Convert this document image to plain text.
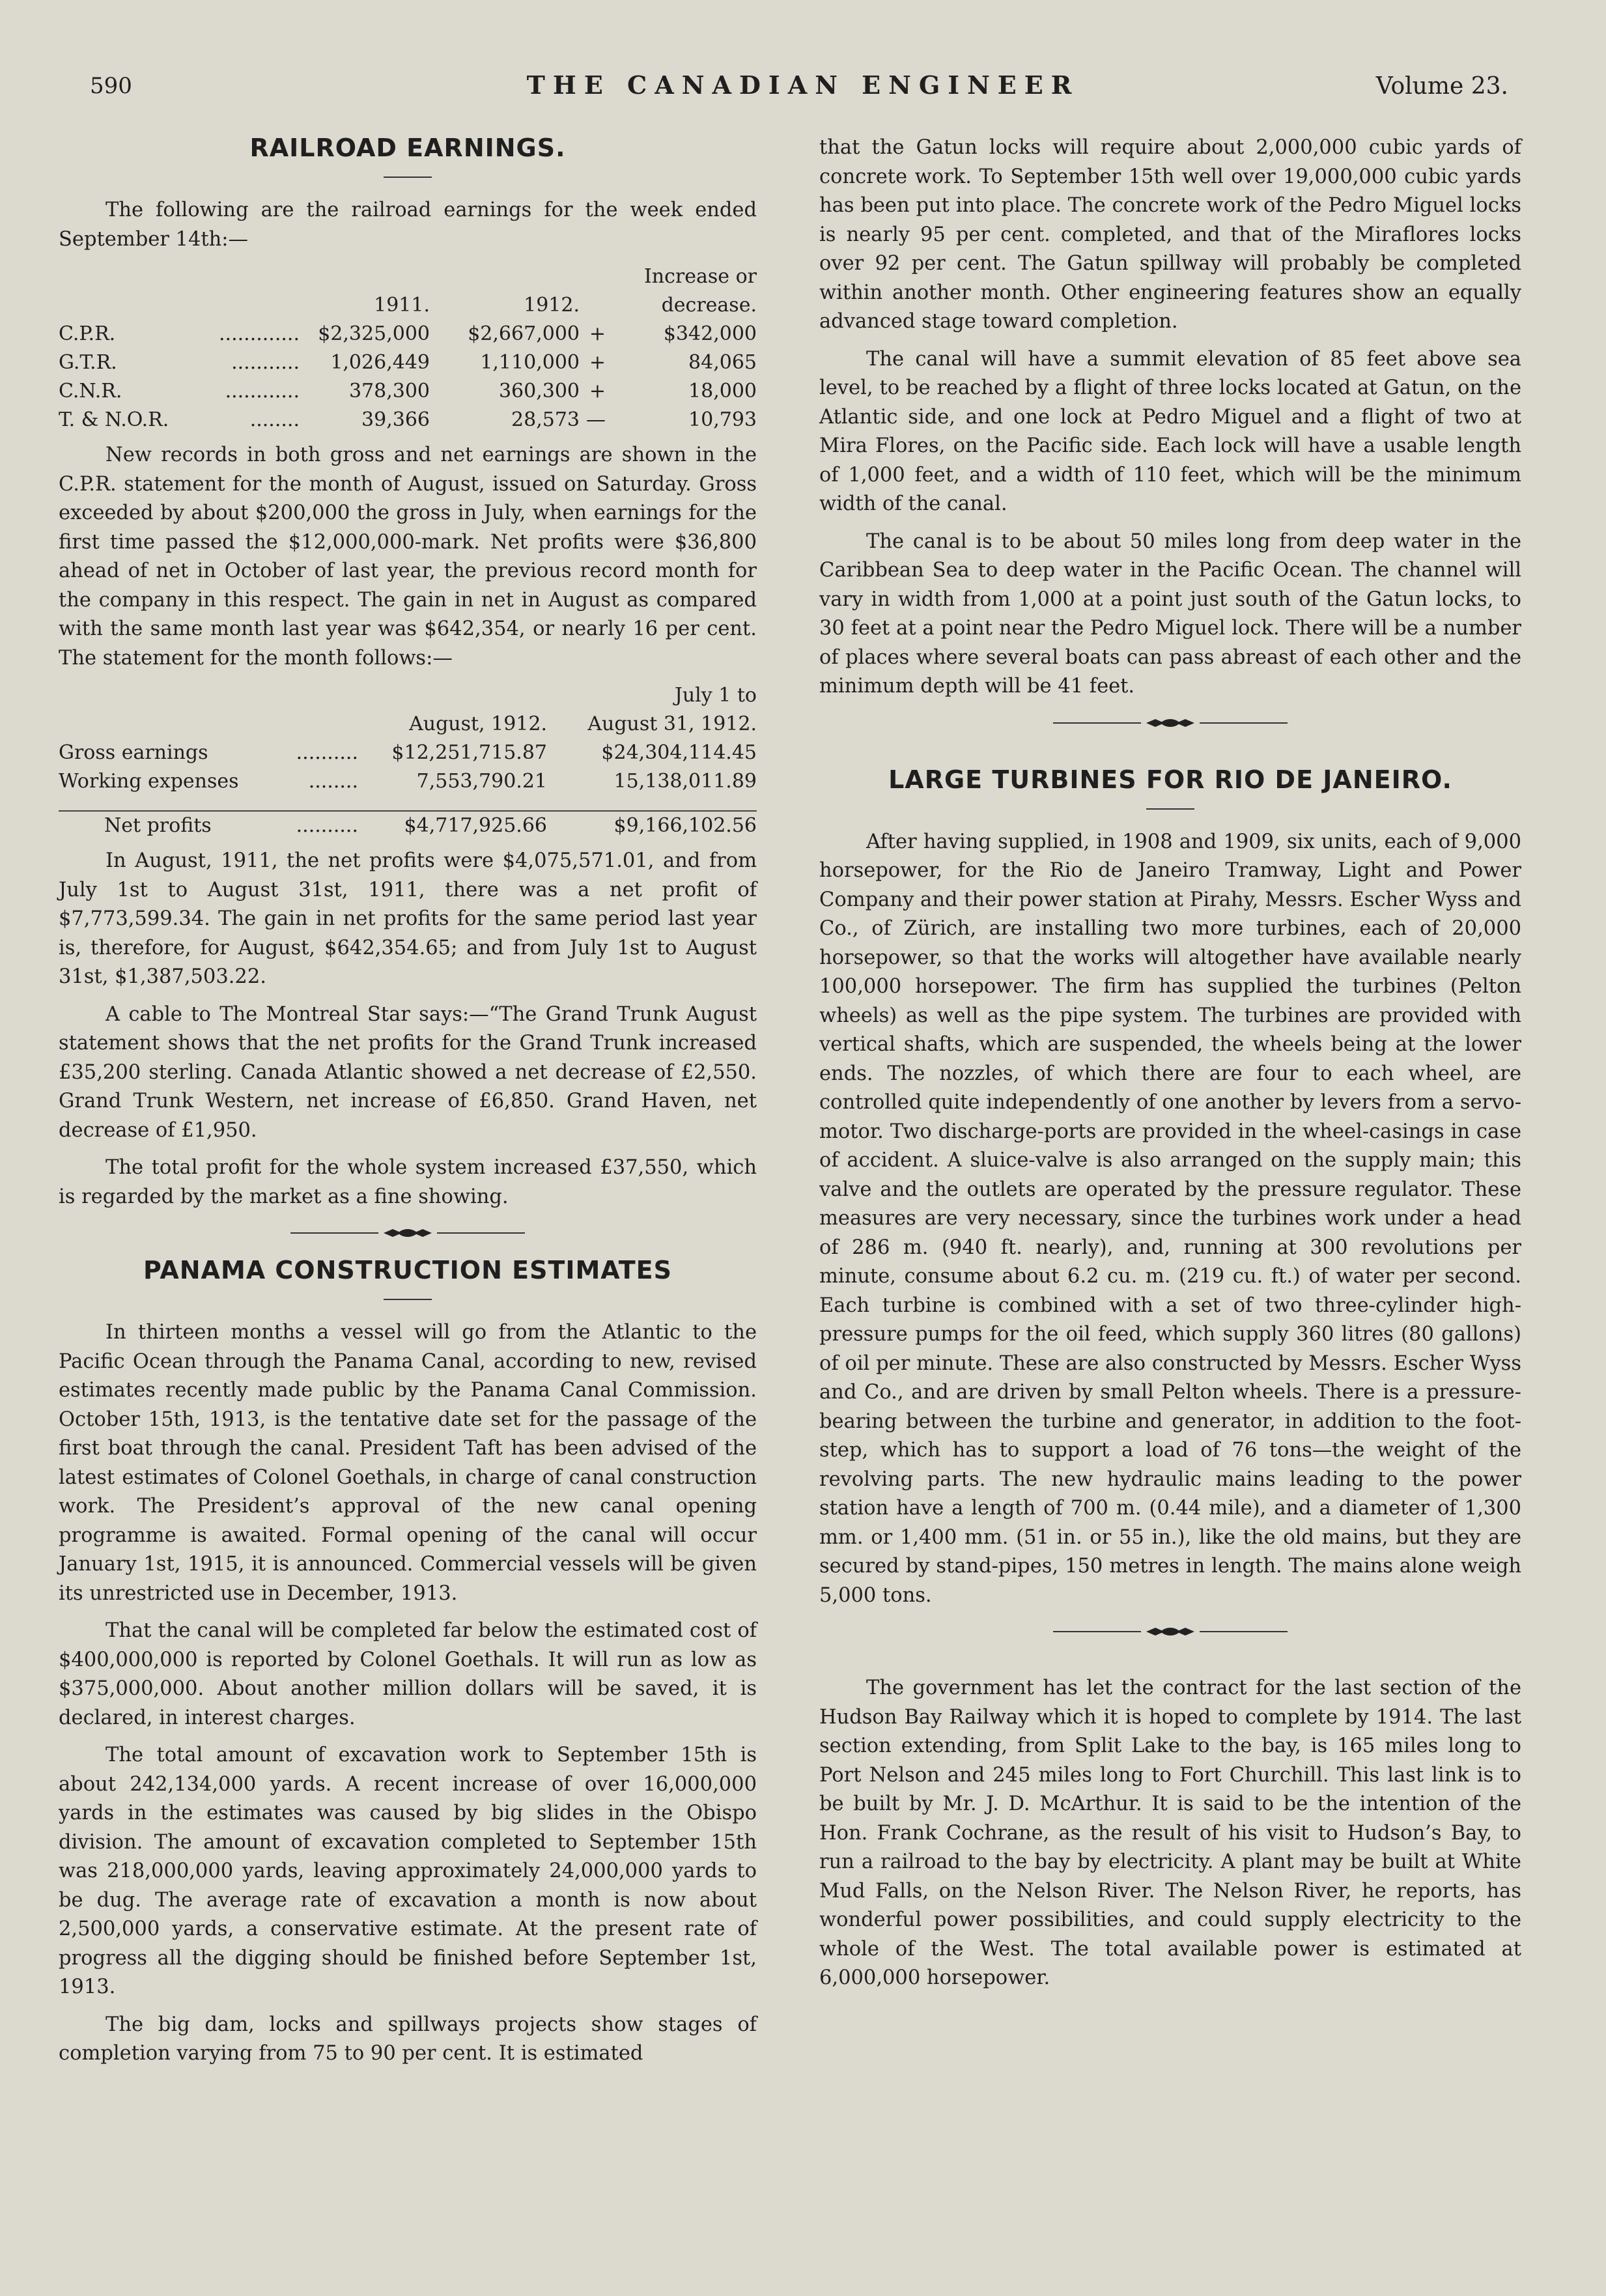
590	THE CANADIAN ENGINEER	Volume 23.
RAILROAD EARNINGS.

The following are the railroad earnings for the week ended September 14th:—

				Increase or	
		1911.	1912.		decrease.
C.P.R.	.............	$2,325,000	$2,667,000	+	$342,000
G.T.R.	...........	1,026,449	1,110,000	+	84,065
C.N.R.	............	378,300	360,300	+	18,000
T. & N.O.R.	........	39,366	28,573	—	10,793

New records in both gross and net earnings are shown in the C.P.R. statement for the month of August, issued on Saturday. Gross exceeded by about $200,000 the gross in July, when earnings for the first time passed the $12,000,000-mark. Net profits were $36,800 ahead of net in October of last year, the previous record month for the company in this respect. The gain in net in August as compared with the same month last year was $642,354, or nearly 16 per cent. The statement for the month follows:—

			July 1 to
		August, 1912.	August 31, 1912.
Gross earnings	..........	$12,251,715.87	$24,304,114.45
Working expenses	........	7,553,790.21	15,138,011.89

Net profits	..........	$4,717,925.66	$9,166,102.56

In August, 1911, the net profits were $4,075,571.01, and from July 1st to August 31st, 1911, there was a net profit of $7,773,599.34. The gain in net profits for the same period last year is, therefore, for August, $642,354.65; and from July 1st to August 31st, $1,387,503.22.

A cable to The Montreal Star says:—“The Grand Trunk August statement shows that the net profits for the Grand Trunk increased £35,200 sterling. Canada Atlantic showed a net decrease of £2,550. Grand Trunk Western, net increase of £6,850. Grand Haven, net decrease of £1,950.

The total profit for the whole system increased £37,550, which is regarded by the market as a fine showing.

PANAMA CONSTRUCTION ESTIMATES

In thirteen months a vessel will go from the Atlantic to the Pacific Ocean through the Panama Canal, according to new, revised estimates recently made public by the Panama Canal Commission. October 15th, 1913, is the tentative date set for the passage of the first boat through the canal. President Taft has been advised of the latest estimates of Colonel Goethals, in charge of canal construction work. The President’s approval of the new canal opening programme is awaited. Formal opening of the canal will occur January 1st, 1915, it is announced. Commercial vessels will be given its unrestricted use in December, 1913.

That the canal will be completed far below the estimated cost of $400,000,000 is reported by Colonel Goethals. It will run as low as $375,000,000. About another million dollars will be saved, it is declared, in interest charges.

The total amount of excavation work to September 15th is about 242,134,000 yards. A recent increase of over 16,000,000 yards in the estimates was caused by big slides in the Obispo division. The amount of excavation completed to September 15th was 218,000,000 yards, leaving approximately 24,000,000 yards to be dug. The average rate of excavation a month is now about 2,500,000 yards, a conservative estimate. At the present rate of progress all the digging should be finished before September 1st, 1913.

The big dam, locks and spillways projects show stages of completion varying from 75 to 90 per cent. It is estimated

that the Gatun locks will require about 2,000,000 cubic yards of concrete work. To September 15th well over 19,000,000 cubic yards has been put into place. The concrete work of the Pedro Miguel locks is nearly 95 per cent. completed, and that of the Miraflores locks over 92 per cent. The Gatun spillway will probably be completed within another month. Other engineering features show an equally advanced stage toward completion.

The canal will have a summit elevation of 85 feet above sea level, to be reached by a flight of three locks located at Gatun, on the Atlantic side, and one lock at Pedro Miguel and a flight of two at Mira Flores, on the Pacific side. Each lock will have a usable length of 1,000 feet, and a width of 110 feet, which will be the minimum width of the canal.

The canal is to be about 50 miles long from deep water in the Caribbean Sea to deep water in the Pacific Ocean. The channel will vary in width from 1,000 at a point just south of the Gatun locks, to 30 feet at a point near the Pedro Miguel lock. There will be a number of places where several boats can pass abreast of each other and the minimum depth will be 41 feet.

LARGE TURBINES FOR RIO DE JANEIRO.

After having supplied, in 1908 and 1909, six units, each of 9,000 horsepower, for the Rio de Janeiro Tramway, Light and Power Company and their power station at Pirahy, Messrs. Escher Wyss and Co., of Zürich, are installing two more turbines, each of 20,000 horsepower, so that the works will altogether have available nearly 100,000 horsepower. The firm has supplied the turbines (Pelton wheels) as well as the pipe system. The turbines are provided with vertical shafts, which are suspended, the wheels being at the lower ends. The nozzles, of which there are four to each wheel, are controlled quite independently of one another by levers from a servo-motor. Two discharge-ports are provided in the wheel-casings in case of accident. A sluice-valve is also arranged on the supply main; this valve and the outlets are operated by the pressure regulator. These measures are very necessary, since the turbines work under a head of 286 m. (940 ft. nearly), and, running at 300 revolutions per minute, consume about 6.2 cu. m. (219 cu. ft.) of water per second. Each turbine is combined with a set of two three-cylinder high-pressure pumps for the oil feed, which supply 360 litres (80 gallons) of oil per minute. These are also constructed by Messrs. Escher Wyss and Co., and are driven by small Pelton wheels. There is a pressure-bearing between the turbine and generator, in addition to the foot-step, which has to support a load of 76 tons—the weight of the revolving parts. The new hydraulic mains leading to the power station have a length of 700 m. (0.44 mile), and a diameter of 1,300 mm. or 1,400 mm. (51 in. or 55 in.), like the old mains, but they are secured by stand-pipes, 150 metres in length. The mains alone weigh 5,000 tons.

The government has let the contract for the last section of the Hudson Bay Railway which it is hoped to complete by 1914. The last section extending, from Split Lake to the bay, is 165 miles long to Port Nelson and 245 miles long to Fort Churchill. This last link is to be built by Mr. J. D. McArthur. It is said to be the intention of the Hon. Frank Cochrane, as the result of his visit to Hudson’s Bay, to run a railroad to the bay by electricity. A plant may be built at White Mud Falls, on the Nelson River. The Nelson River, he reports, has wonderful power possibilities, and could supply electricity to the whole of the West. The total available power is estimated at 6,000,000 horsepower.
